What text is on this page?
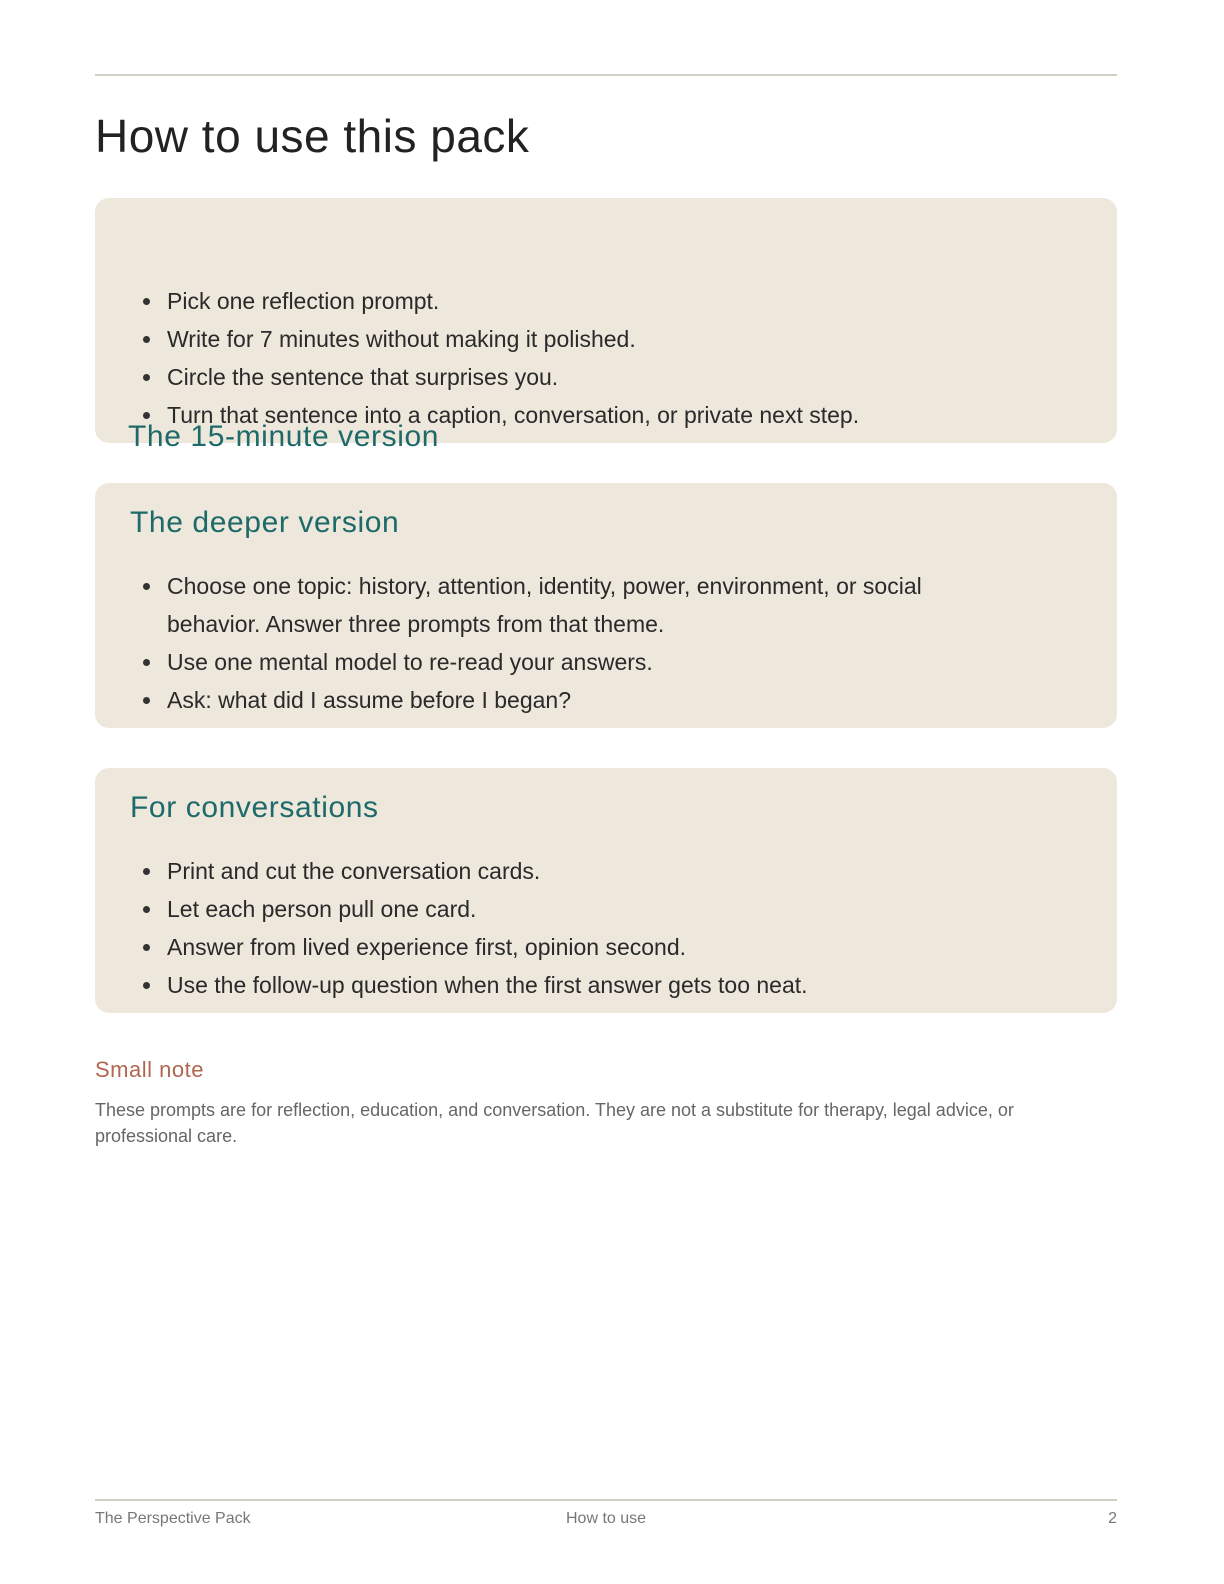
How to use this pack
The 15-minute version
Pick one reflection prompt.
Write for 7 minutes without making it polished.
Circle the sentence that surprises you.
Turn that sentence into a caption, conversation, or private next step.
The deeper version
Choose one topic: history, attention, identity, power, environment, or social behavior. Answer three prompts from that theme.
Use one mental model to re-read your answers.
Ask: what did I assume before I began?
For conversations
Print and cut the conversation cards.
Let each person pull one card.
Answer from lived experience first, opinion second.
Use the follow-up question when the first answer gets too neat.
Small note

These prompts are for reflection, education, and conversation. They are not a substitute for therapy, legal advice, or professional care.

The Perspective Pack	How to use	2
